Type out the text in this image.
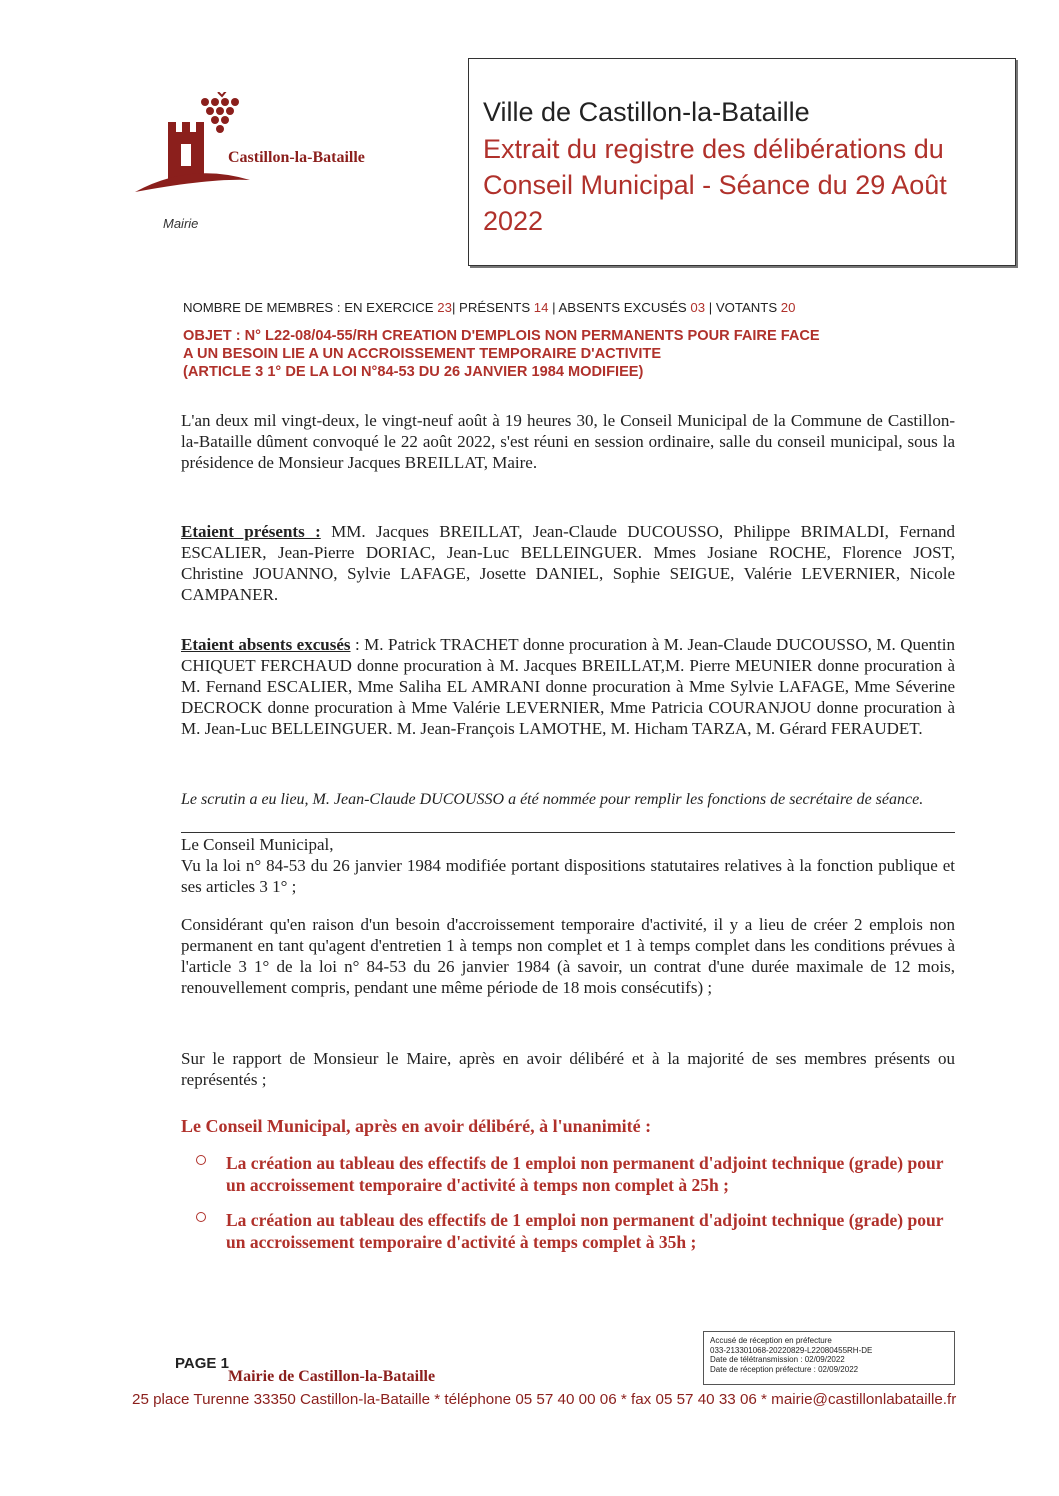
Castillon-la-Bataille
Mairie
Ville de Castillon-la-Bataille
Extrait du registre des délibérations du
Conseil Municipal - Séance du 29 Août
2022
NOMBRE DE MEMBRES : EN EXERCICE 23| PRÉSENTS 14 | ABSENTS EXCUSÉS 03 | VOTANTS 20
OBJET : N° L22-08/04-55/RH CREATION D'EMPLOIS NON PERMANENTS POUR FAIRE FACE
A UN BESOIN LIE A UN ACCROISSEMENT TEMPORAIRE D'ACTIVITE
(ARTICLE 3 1° DE LA LOI N°84-53 DU 26 JANVIER 1984 MODIFIEE)
L'an deux mil vingt-deux, le vingt-neuf août à 19 heures 30, le Conseil Municipal de la Commune de Castillon-la-Bataille dûment convoqué le 22 août 2022, s'est réuni en session ordinaire, salle du conseil municipal, sous la présidence de Monsieur Jacques BREILLAT, Maire.
Etaient présents : MM. Jacques BREILLAT, Jean-Claude DUCOUSSO, Philippe BRIMALDI, Fernand ESCALIER, Jean-Pierre DORIAC, Jean-Luc BELLEINGUER. Mmes Josiane ROCHE, Florence JOST, Christine JOUANNO, Sylvie LAFAGE, Josette DANIEL, Sophie SEIGUE, Valérie LEVERNIER, Nicole CAMPANER.
Etaient absents excusés : M. Patrick TRACHET donne procuration à M. Jean-Claude DUCOUSSO, M. Quentin CHIQUET FERCHAUD donne procuration à M. Jacques BREILLAT,M. Pierre MEUNIER donne procuration à M. Fernand ESCALIER, Mme Saliha EL AMRANI donne procuration à Mme Sylvie LAFAGE, Mme Séverine DECROCK donne procuration à Mme Valérie LEVERNIER, Mme Patricia COURANJOU donne procuration à M. Jean-Luc BELLEINGUER. M. Jean-François LAMOTHE, M. Hicham TARZA, M. Gérard FERAUDET.
Le scrutin a eu lieu, M. Jean-Claude DUCOUSSO a été nommée pour remplir les fonctions de secrétaire de séance.
Le Conseil Municipal,
Vu la loi n° 84-53 du 26 janvier 1984 modifiée portant dispositions statutaires relatives à la fonction publique et ses articles 3 1° ;
Considérant qu'en raison d'un besoin d'accroissement temporaire d'activité, il y a lieu de créer 2 emplois non permanent en tant qu'agent d'entretien 1 à temps non complet et 1 à temps complet dans les conditions prévues à l'article 3 1° de la loi n° 84-53 du 26 janvier 1984 (à savoir, un contrat d'une durée maximale de 12 mois, renouvellement compris, pendant une même période de 18 mois consécutifs) ;
Sur le rapport de Monsieur le Maire, après en avoir délibéré et à la majorité de ses membres présents ou représentés ;
Le Conseil Municipal, après en avoir délibéré, à l'unanimité :
La création au tableau des effectifs de 1 emploi non permanent d'adjoint technique (grade) pour un accroissement temporaire d'activité à temps non complet à 25h ;
La création au tableau des effectifs de 1 emploi non permanent d'adjoint technique (grade) pour un accroissement temporaire d'activité à temps complet à 35h ;
Accusé de réception en préfecture
033-213301068-20220829-L22080455RH-DE
Date de télétransmission : 02/09/2022
Date de réception préfecture : 02/09/2022
PAGE 1
Mairie de Castillon-la-Bataille
25 place Turenne 33350 Castillon-la-Bataille * téléphone 05 57 40 00 06 * fax 05 57 40 33 06 * mairie@castillonlabataille.fr
